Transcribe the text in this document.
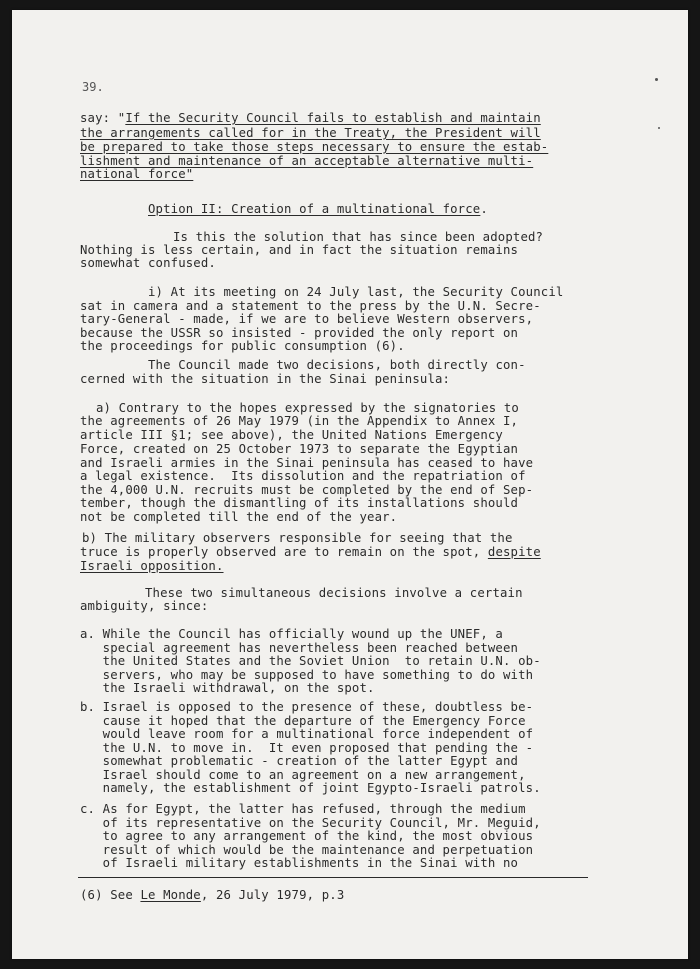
39.
say: "If the Security Council fails to establish and maintain
the arrangements called for in the Treaty, the President will
be prepared to take those steps necessary to ensure the estab-
lishment and maintenance of an acceptable alternative multi-
national force"
Option II: Creation of a multinational force.
Is this the solution that has since been adopted?
Nothing is less certain, and in fact the situation remains
somewhat confused.
i) At its meeting on 24 July last, the Security Council
sat in camera and a statement to the press by the U.N. Secre-
tary-General - made, if we are to believe Western observers,
because the USSR so insisted - provided the only report on
the proceedings for public consumption (6).
The Council made two decisions, both directly con-
cerned with the situation in the Sinai peninsula:
a) Contrary to the hopes expressed by the signatories to
the agreements of 26 May 1979 (in the Appendix to Annex I,
article III §1; see above), the United Nations Emergency
Force, created on 25 October 1973 to separate the Egyptian
and Israeli armies in the Sinai peninsula has ceased to have
a legal existence.  Its dissolution and the repatriation of
the 4,000 U.N. recruits must be completed by the end of Sep-
tember, though the dismantling of its installations should
not be completed till the end of the year.
b) The military observers responsible for seeing that the
truce is properly observed are to remain on the spot, despite
Israeli opposition.
These two simultaneous decisions involve a certain
ambiguity, since:
a. While the Council has officially wound up the UNEF, a
special agreement has nevertheless been reached between
the United States and the Soviet Union  to retain U.N. ob-
servers, who may be supposed to have something to do with
the Israeli withdrawal, on the spot.
b. Israel is opposed to the presence of these, doubtless be-
cause it hoped that the departure of the Emergency Force
would leave room for a multinational force independent of
the U.N. to move in.  It even proposed that pending the -
somewhat problematic - creation of the latter Egypt and
Israel should come to an agreement on a new arrangement,
namely, the establishment of joint Egypto-Israeli patrols.
c. As for Egypt, the latter has refused, through the medium
of its representative on the Security Council, Mr. Meguid,
to agree to any arrangement of the kind, the most obvious
result of which would be the maintenance and perpetuation
of Israeli military establishments in the Sinai with no
(6) See Le Monde, 26 July 1979, p.3
